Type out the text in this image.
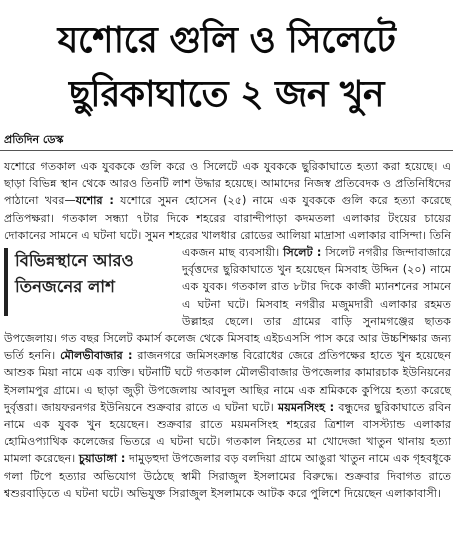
যশোরে গুলি ও সিলেটে
ছুরিকাঘাতে ২ জন খুন
প্রতিদিন ডেস্ক

যশোরে গতকাল এক যুবককে গুলি করে ও সিলেটে এক যুবককে ছুরিকাঘাতে হত্যা করা হয়েছে। এ ছাড়া বিভিন্ন স্থান থেকে আরও তিনটি লাশ উদ্ধার হয়েছে। আমাদের নিজস্ব প্রতিবেদক ও প্রতিনিধিদের পাঠানো খবর—যশোর : যশোরে সুমন হোসেন (২৫) নামে এক যুবককে গুলি করে হত্যা করেছে প্রতিপক্ষরা। গতকাল সন্ধ্যা ৭টার দিকে শহরের বারান্দীপাড়া কদমতলা এলাকার টংয়ের চায়ের দোকানের সামনে এ ঘটনা ঘটে। সুমন শহরের খালধার রোডের আলিয়া মাদ্রাসা এলাকার বাসিন্দা। তিনি একজন মাছ ব্যবসায়ী।
বিভিন্নস্থানে আরও
তিনজনের লাশ
সিলেট : সিলেট নগরীর জিন্দাবাজারে দুর্বৃত্তদের ছুরিকাঘাতে খুন হয়েছেন মিসবাহ উদ্দিন (২০) নামে এক যুবক। গতকাল রাত ৮টার দিকে কাজী ম্যানশনের সামনে এ ঘটনা ঘটে। মিসবাহ নগরীর মজুমদারী এলাকার রহমত উল্লাহর ছেলে। তার গ্রামের বাড়ি সুনামগঞ্জের ছাতক উপজেলায়। গত বছর সিলেট কমার্স কলেজ থেকে মিসবাহ এইচএসসি পাস করে আর উচ্চশিক্ষার জন্য ভর্তি হননি। মৌলভীবাজার : রাজনগরে জমিসংক্রান্ত বিরোধের জেরে প্রতিপক্ষের হাতে খুন হয়েছেন আশুক মিয়া নামে এক ব্যক্তি। ঘটনাটি ঘটে গতকাল মৌলভীবাজার উপজেলার কামারচাক ইউনিয়নের ইসলামপুর গ্রামে। এ ছাড়া জুড়ী উপজেলায় আবদুল আছির নামে এক শ্রমিককে কুপিয়ে হত্যা করেছে দুর্বৃত্তরা। জায়ফরনগর ইউনিয়নে শুক্রবার রাতে এ ঘটনা ঘটে। ময়মনসিংহ : বন্ধুদের ছুরিকাঘাতে রবিন নামে এক যুবক খুন হয়েছেন। শুক্রবার রাতে ময়মনসিংহ শহরের ত্রিশাল বাসস্ট্যান্ড এলাকার হোমিওপ্যাথিক কলেজের ভিতরে এ ঘটনা ঘটে। গতকাল নিহতের মা খোদেজা খাতুন থানায় হত্যা মামলা করেছেন। চুয়াডাঙ্গা : দামুড়হুদা উপজেলার বড় বলদিয়া গ্রামে আঙুরা খাতুন নামে এক গৃহবধূকে গলা টিপে হত্যার অভিযোগ উঠেছে স্বামী সিরাজুল ইসলামের বিরুদ্ধে। শুক্রবার দিবাগত রাতে শ্বশুরবাড়িতে এ ঘটনা ঘটে। অভিযুক্ত সিরাজুল ইসলামকে আটক করে পুলিশে দিয়েছেন এলাকাবাসী।
